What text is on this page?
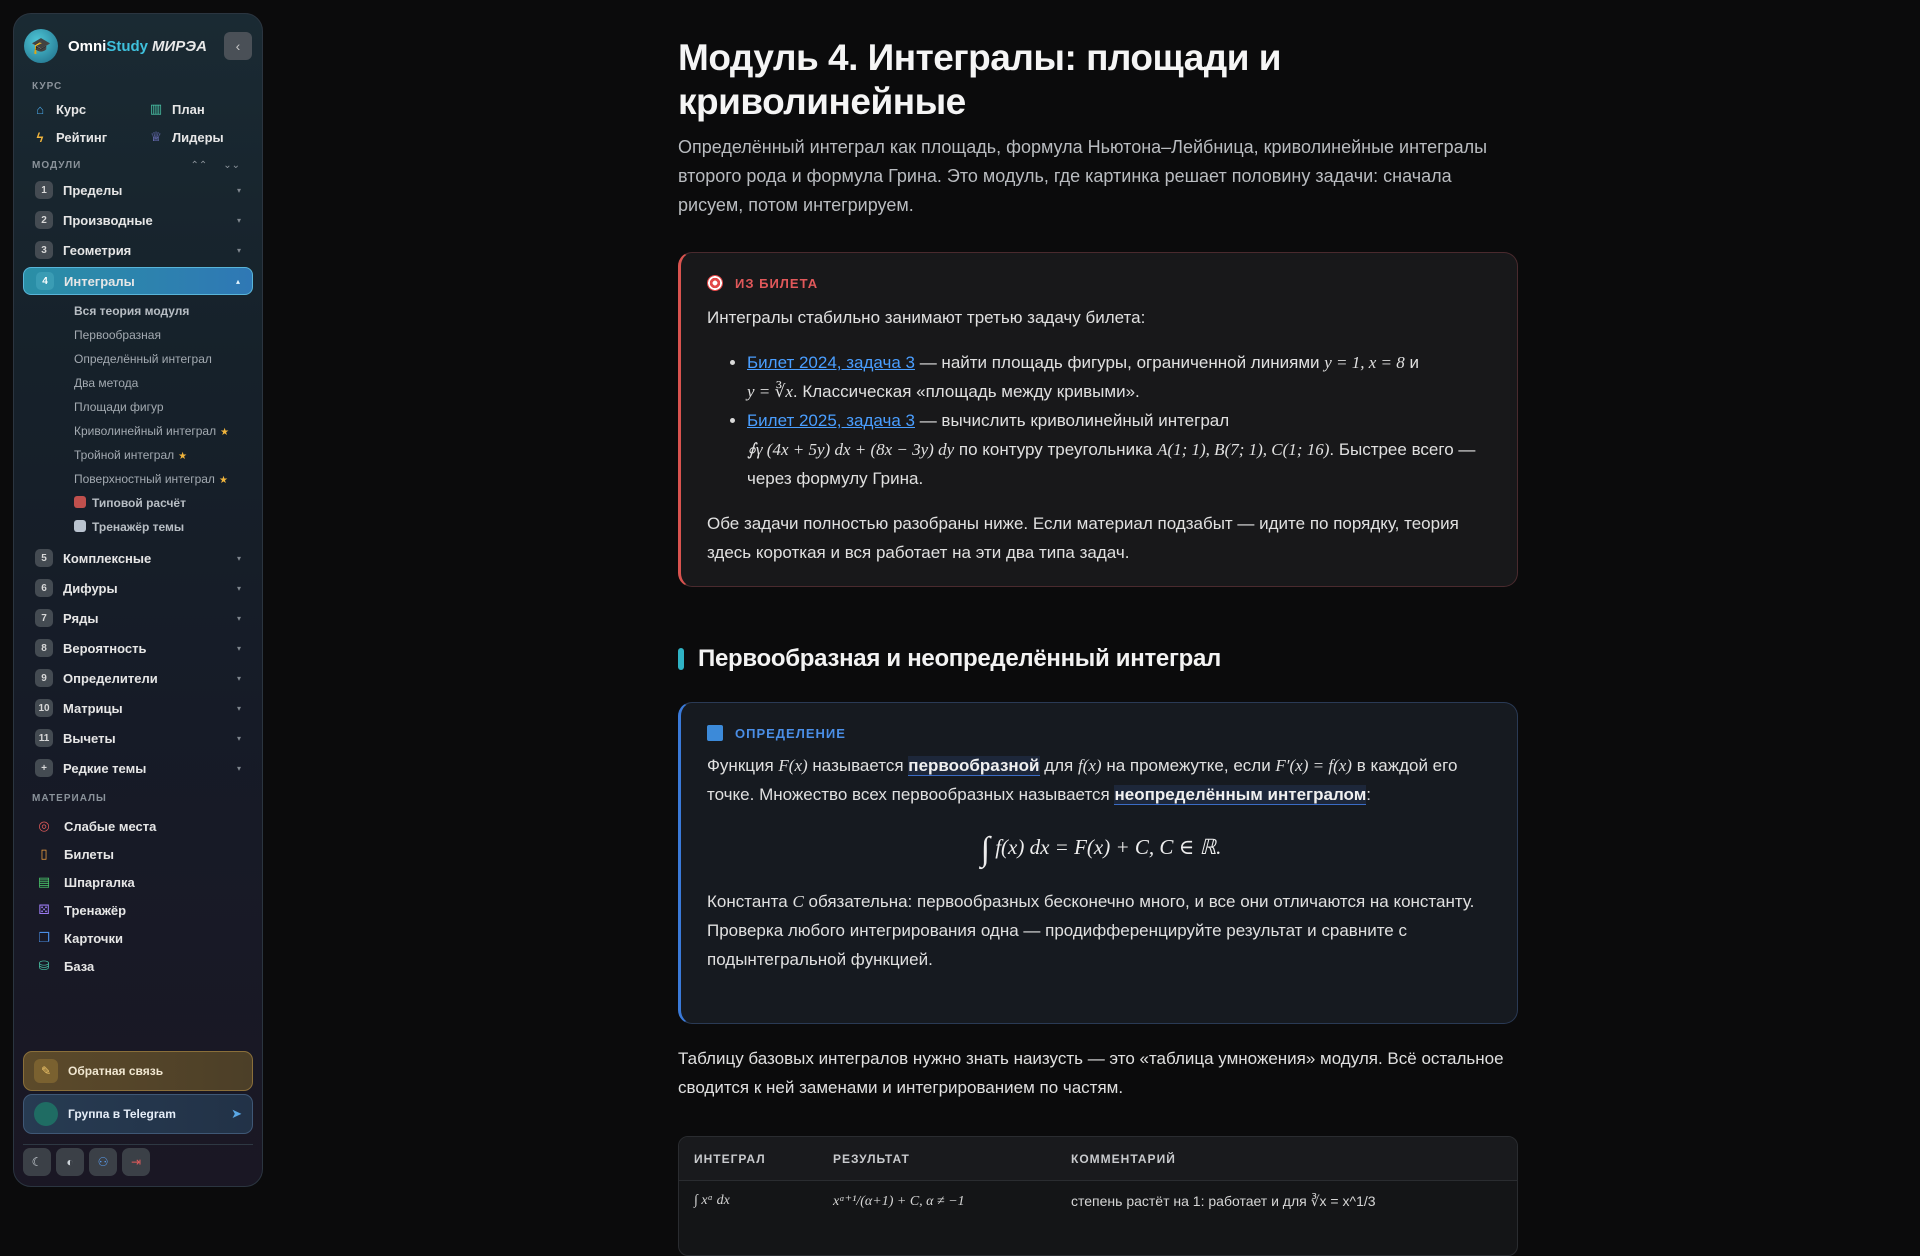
🎓	OmniStudy МИРЭА ‹
КУРС
⌂ Курс	▥ План
ϟ Рейтинг	♕ Лидеры
МОДУЛИ	⌃⌃ ⌄⌄
1	Пределы	▾
2	Производные	▾
3	Геометрия	▾
4	Интегралы	▴
Вся теория модуля
Первообразная
Определённый интеграл
Два метода
Площади фигур
Криволинейный интеграл ★
Тройной интеграл ★
Поверхностный интеграл ★
Типовой расчёт
Тренажёр темы
5	Комплексные	▾
6	Дифуры	▾
7	Ряды	▾
8	Вероятность	▾
9	Определители	▾
10 Матрицы	▾
11 Вычеты	▾
+	Редкие темы	▾
МАТЕРИАЛЫ
◎ Слабые места
▯	Билеты
▤ Шпаргалка
⚄ Тренажёр
❐ Карточки
⛁ База
✎	Обратная связь
Группа в Telegram	➤
☾	◐	⚇	⇥
Модуль 4. Интегралы: площади и криволинейные

Определённый интеграл как площадь, формула Ньютона–Лейбница, криволинейные интегралы второго рода и формула Грина. Это модуль, где картинка решает половину задачи: сначала рисуем, потом интегрируем.

ИЗ БИЛЕТА

Интегралы стабильно занимают третью задачу билета:

• Билет 2024, задача 3 — найти площадь фигуры, ограниченной линиями y = 1, x = 8 и
y = ∛x. Классическая «площадь между кривыми».
• Билет 2025, задача 3 — вычислить криволинейный интеграл
∮γ (4x + 5y) dx + (8x − 3y) dy по контуру треугольника A(1; 1), B(7; 1), C(1; 16). Быстрее всего — через формулу Грина.

Обе задачи полностью разобраны ниже. Если материал подзабыт — идите по порядку, теория здесь короткая и вся работает на эти два типа задач.

Первообразная и неопределённый интеграл
ОПРЕДЕЛЕНИЕ

Функция F(x) называется первообразной для f(x) на промежутке, если F′(x) = f(x) в каждой его точке. Множество всех первообразных называется неопределённым интегралом:

∫ f(x) dx = F(x) + C, C ∈ ℝ.

Константа C обязательна: первообразных бесконечно много, и все они отличаются на константу. Проверка любого интегрирования одна — продифференцируйте результат и сравните с подынтегральной функцией.

Таблицу базовых интегралов нужно знать наизусть — это «таблица умножения» модуля. Всё остальное сводится к ней заменами и интегрированием по частям.

ИНТЕГРАЛ	РЕЗУЛЬТАТ	КОММЕНТАРИЙ
∫ xᵅ dx	xᵅ⁺¹/(α+1) + C, α ≠ −1	степень растёт на 1: работает и для ∛x = x^1/3
